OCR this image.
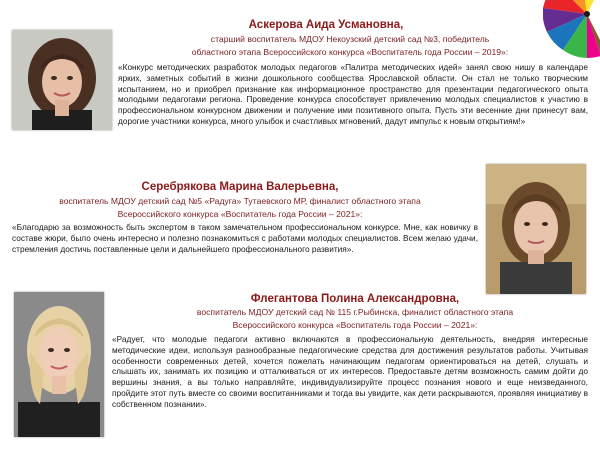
Аскерова Аида Усмановна,

старший воспитатель МДОУ Некоузский детский сад №3, победитель

областного этапа Всероссийского конкурса «Воспитатель года России – 2019»:

«Конкурс методических разработок молодых педагогов «Палитра методических идей» занял свою нишу в календаре ярких, заметных событий в жизни дошкольного сообщества Ярославской области. Он стал не только творческим испытанием, но и приобрел признание как информационное пространство для презентации педагогического опыта молодыми педагогами региона. Проведение конкурса способствует привлечению молодых специалистов к участию в профессиональном конкурсном движении и получение ими позитивного опыта. Пусть эти весенние дни принесут вам, дорогие участники конкурса, много улыбок и счастливых мгновений, дадут импульс к новым открытиям!»

Серебрякова Марина Валерьевна,

воспитатель МДОУ детский сад №5 «Радуга» Тутаевского МР, финалист областного этапа

Всероссийского конкурса «Воспитатель года России – 2021»:

«Благодарю за возможность быть экспертом в таком замечательном профессиональном конкурсе. Мне, как новичку в составе жюри, было очень интересно и полезно познакомиться с работами молодых специалистов. Всем желаю удачи, стремления достичь поставленные цели и дальнейшего профессионального развития».

Флегантова Полина Александровна,

воспитатель МДОУ детский сад № 115 г.Рыбинска, финалист областного этапа

Всероссийского конкурса «Воспитатель года России – 2021»:

«Радует, что молодые педагоги активно включаются в профессиональную деятельность, внедряя интересные методические идеи, используя разнообразные педагогические средства для достижения результатов работы. Учитывая особенности современных детей, хочется пожелать начинающим педагогам ориентироваться на детей, слушать и слышать их, занимать их позицию и отталкиваться от их интересов. Предоставьте детям возможность самим дойти до вершины знания, а вы только направляйте, индивидуализируйте процесс познания нового и еще неизведанного, пройдите этот путь вместе со своими воспитанниками и тогда вы увидите, как дети раскрываются, проявляя инициативу в собственном познании».
